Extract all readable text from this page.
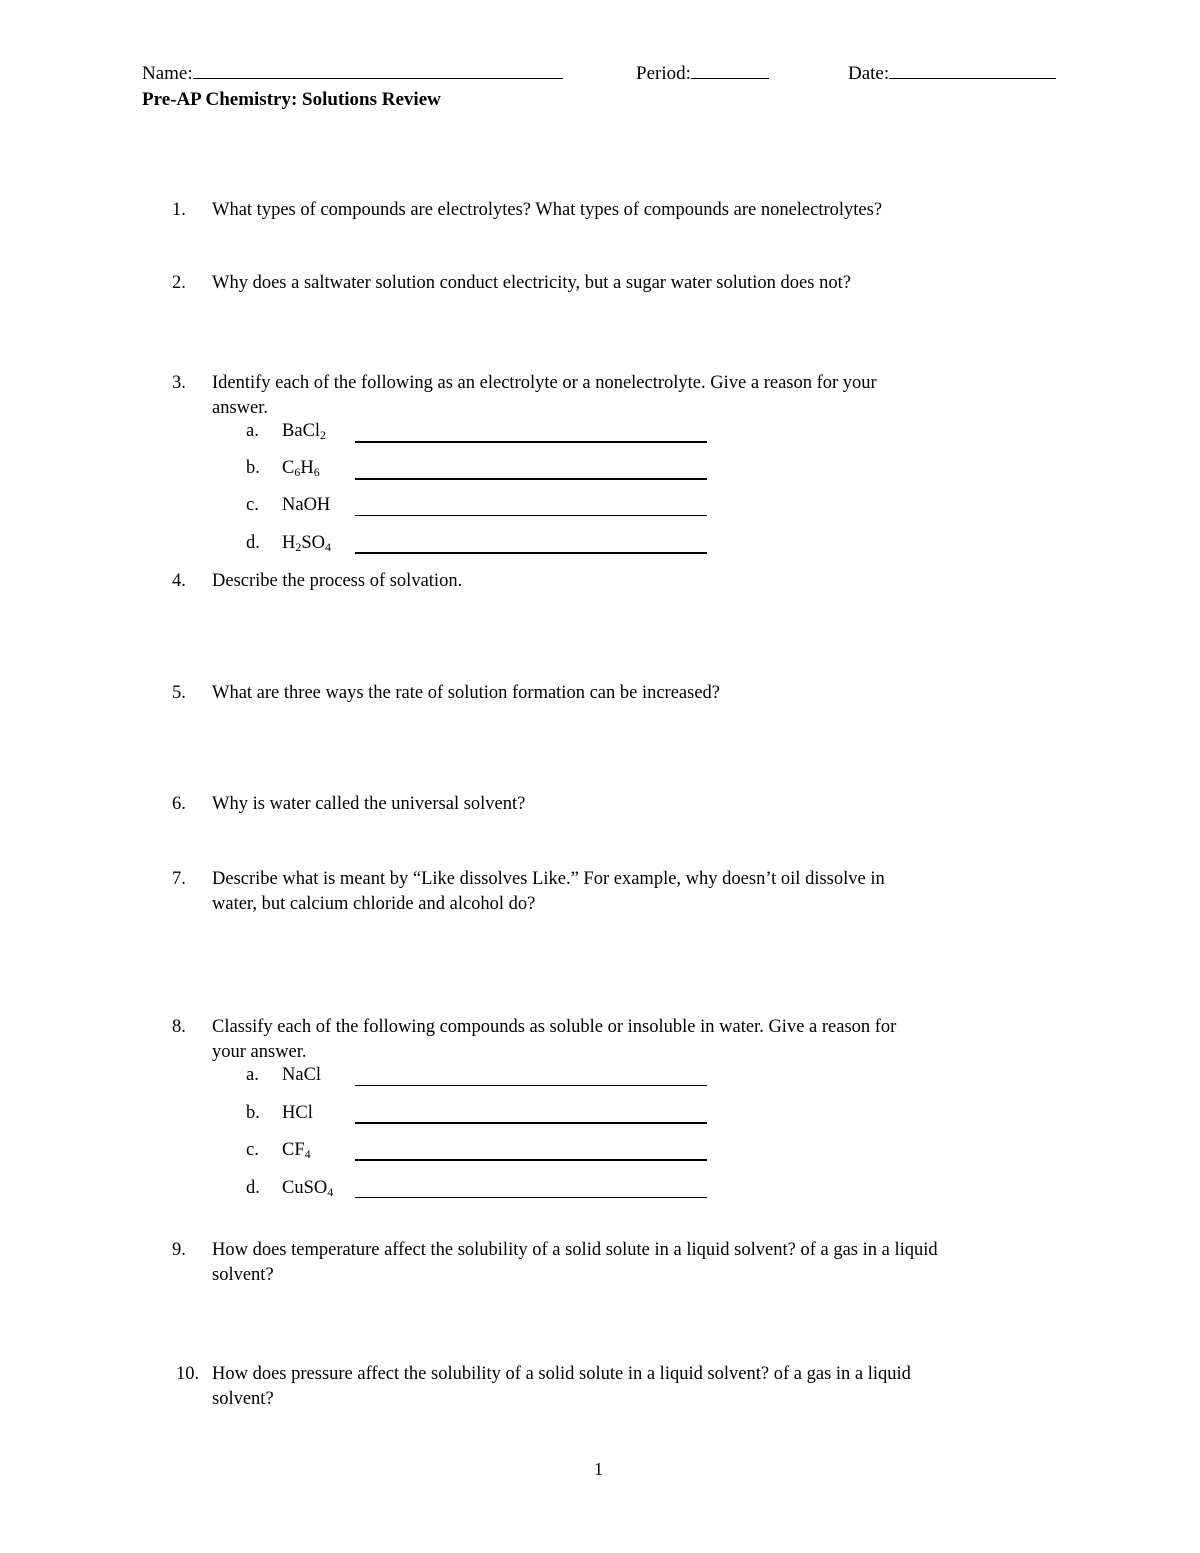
Name:	Period:	Date:
Pre-AP Chemistry: Solutions Review
1. What types of compounds are electrolytes? What types of compounds are nonelectrolytes?
2. Why does a saltwater solution conduct electricity, but a sugar water solution does not?
3. Identify each of the following as an electrolyte or a nonelectrolyte. Give a reason for your
answer.
a. BaCl$_2$
b. $C_6H_6$
c. NaOH
d. $H_2SO_4$
4. Describe the process of solvation.
5. What are three ways the rate of solution formation can be increased?
6. Why is water called the universal solvent?
7. Describe what is meant by “Like dissolves Like.” For example, why doesn’t oil dissolve in
water, but calcium chloride and alcohol do?
8. Classify each of the following compounds as soluble or insoluble in water. Give a reason for
your answer.
a. NaCl
b. HCl
c. $CF_4$
d. CuSO$_4$
9. How does temperature affect the solubility of a solid solute in a liquid solvent? of a gas in a liquid
solvent?
10. How does pressure affect the solubility of a solid solute in a liquid solvent? of a gas in a liquid
solvent?
1
